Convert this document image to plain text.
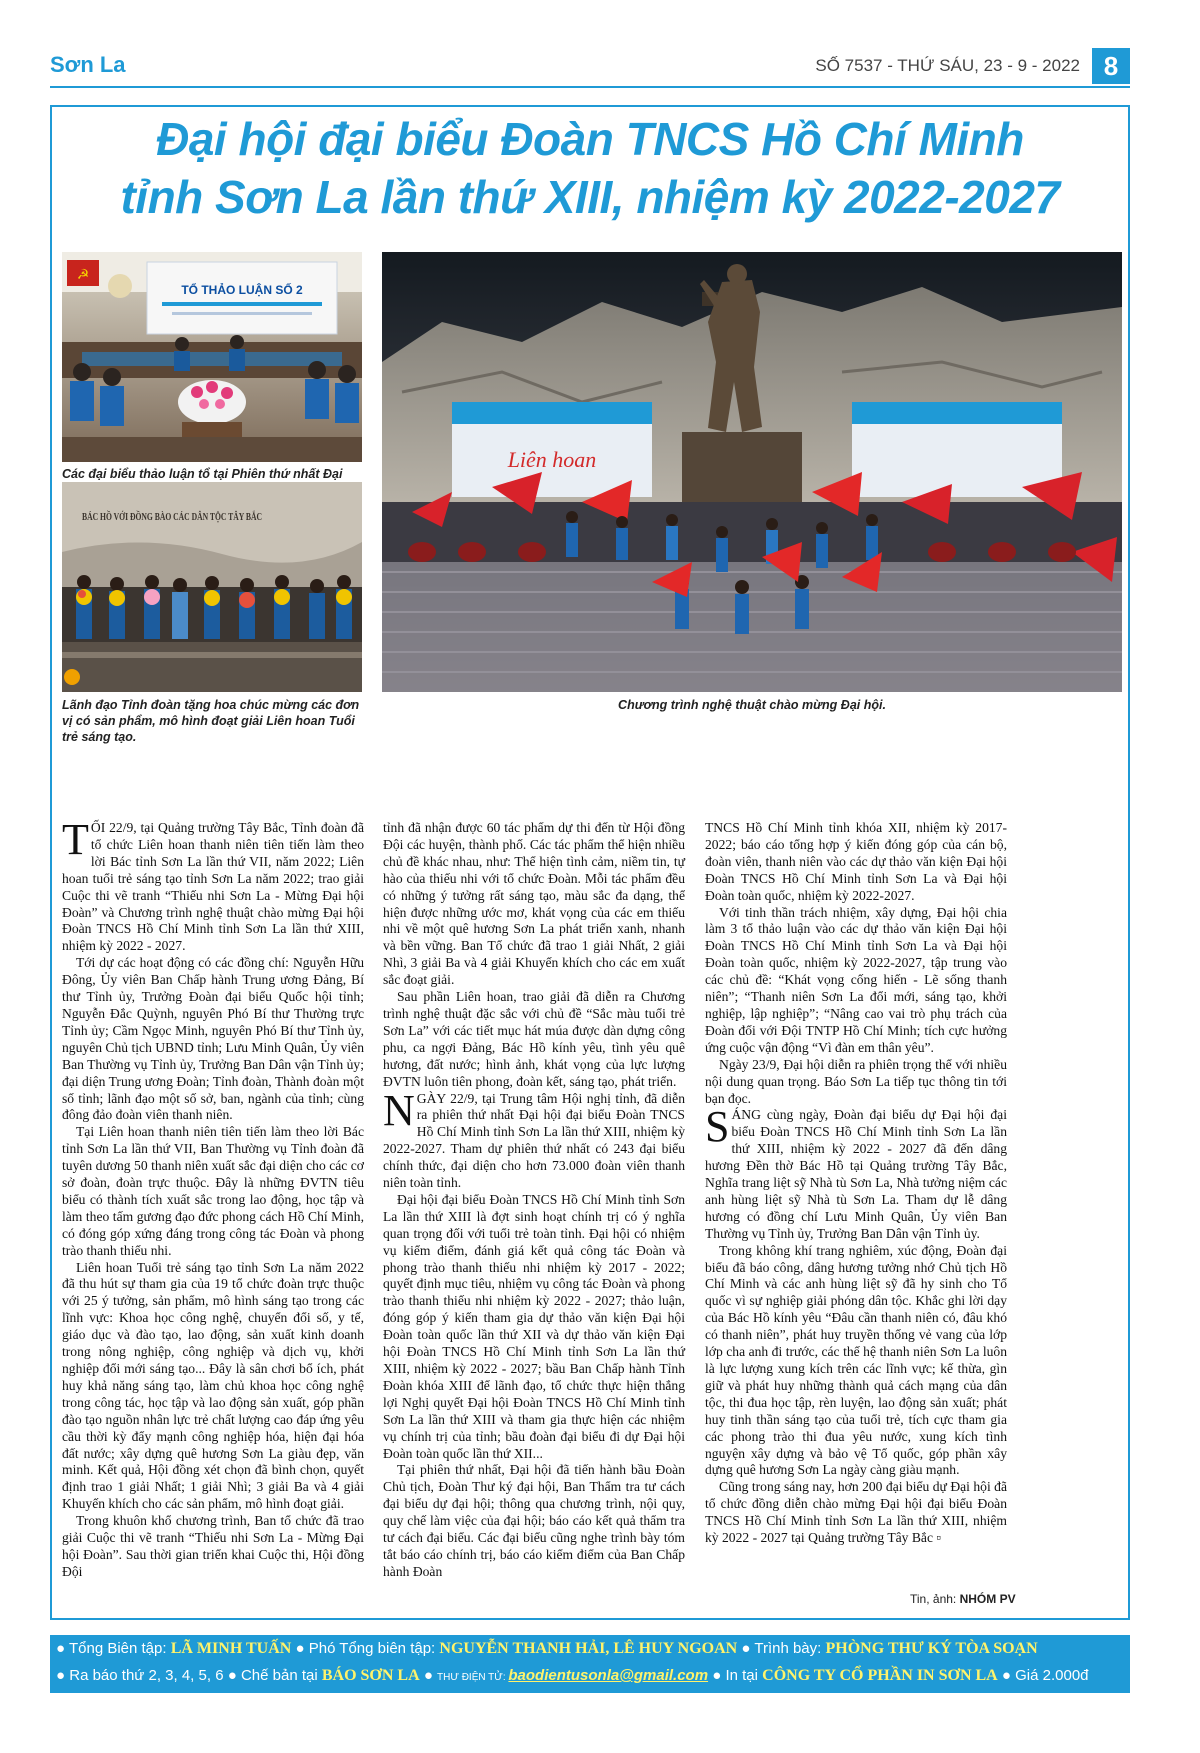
Sơn La	SỐ 7537 - THỨ SÁU, 23 - 9 - 2022 8
Đại hội đại biểu Đoàn TNCS Hồ Chí Minh
tỉnh Sơn La lần thứ XIII, nhiệm kỳ 2022-2027
☭
TỔ THẢO LUẬN SỐ 2
Các đại biểu thảo luận tổ tại Phiên thứ nhất Đại
BÁC HỒ VỚI ĐỒNG BÀO CÁC DÂN TỘC TÂY BẮC
Lãnh đạo Tỉnh đoàn tặng hoa chúc mừng các đơn vị có sản phẩm, mô hình đoạt giải Liên hoan Tuổi trẻ sáng tạo.
Liên hoan
Chương trình nghệ thuật chào mừng Đại hội.

TỐI 22/9, tại Quảng trường Tây Bắc, Tỉnh đoàn đã tổ chức Liên hoan thanh niên tiên tiến làm theo lời Bác tỉnh Sơn La lần thứ VII, năm 2022; Liên hoan tuổi trẻ sáng tạo tỉnh Sơn La năm 2022; trao giải Cuộc thi vẽ tranh “Thiếu nhi Sơn La - Mừng Đại hội Đoàn” và Chương trình nghệ thuật chào mừng Đại hội Đoàn TNCS Hồ Chí Minh tỉnh Sơn La lần thứ XIII, nhiệm kỳ 2022 - 2027.

Tới dự các hoạt động có các đồng chí: Nguyễn Hữu Đông, Ủy viên Ban Chấp hành Trung ương Đảng, Bí thư Tỉnh ủy, Trưởng Đoàn đại biểu Quốc hội tỉnh; Nguyễn Đắc Quỳnh, nguyên Phó Bí thư Thường trực Tỉnh ủy; Cầm Ngọc Minh, nguyên Phó Bí thư Tỉnh ủy, nguyên Chủ tịch UBND tỉnh; Lưu Minh Quân, Ủy viên Ban Thường vụ Tỉnh ủy, Trưởng Ban Dân vận Tỉnh ủy; đại diện Trung ương Đoàn; Tỉnh đoàn, Thành đoàn một số tỉnh; lãnh đạo một số sở, ban, ngành của tỉnh; cùng đông đảo đoàn viên thanh niên.

Tại Liên hoan thanh niên tiên tiến làm theo lời Bác tỉnh Sơn La lần thứ VII, Ban Thường vụ Tỉnh đoàn đã tuyên dương 50 thanh niên xuất sắc đại diện cho các cơ sở đoàn, đoàn trực thuộc. Đây là những ĐVTN tiêu biểu có thành tích xuất sắc trong lao động, học tập và làm theo tấm gương đạo đức phong cách Hồ Chí Minh, có đóng góp xứng đáng trong công tác Đoàn và phong trào thanh thiếu nhi.

Liên hoan Tuổi trẻ sáng tạo tỉnh Sơn La năm 2022 đã thu hút sự tham gia của 19 tổ chức đoàn trực thuộc với 25 ý tưởng, sản phẩm, mô hình sáng tạo trong các lĩnh vực: Khoa học công nghệ, chuyển đổi số, y tế, giáo dục và đào tạo, lao động, sản xuất kinh doanh trong nông nghiệp, công nghiệp và dịch vụ, khởi nghiệp đổi mới sáng tạo... Đây là sân chơi bổ ích, phát huy khả năng sáng tạo, làm chủ khoa học công nghệ trong công tác, học tập và lao động sản xuất, góp phần đào tạo nguồn nhân lực trẻ chất lượng cao đáp ứng yêu cầu thời kỳ đẩy mạnh công nghiệp hóa, hiện đại hóa đất nước; xây dựng quê hương Sơn La giàu đẹp, văn minh. Kết quả, Hội đồng xét chọn đã bình chọn, quyết định trao 1 giải Nhất; 1 giải Nhì; 3 giải Ba và 4 giải Khuyến khích cho các sản phẩm, mô hình đoạt giải.

Trong khuôn khổ chương trình, Ban tổ chức đã trao giải Cuộc thi vẽ tranh “Thiếu nhi Sơn La - Mừng Đại hội Đoàn”. Sau thời gian triển khai Cuộc thi, Hội đồng Đội

tỉnh đã nhận được 60 tác phẩm dự thi đến từ Hội đồng Đội các huyện, thành phố. Các tác phẩm thể hiện nhiều chủ đề khác nhau, như: Thể hiện tình cảm, niềm tin, tự hào của thiếu nhi với tổ chức Đoàn. Mỗi tác phẩm đều có những ý tưởng rất sáng tạo, màu sắc đa dạng, thể hiện được những ước mơ, khát vọng của các em thiếu nhi về một quê hương Sơn La phát triển xanh, nhanh và bền vững. Ban Tổ chức đã trao 1 giải Nhất, 2 giải Nhì, 3 giải Ba và 4 giải Khuyến khích cho các em xuất sắc đoạt giải.

Sau phần Liên hoan, trao giải đã diễn ra Chương trình nghệ thuật đặc sắc với chủ đề “Sắc màu tuổi trẻ Sơn La” với các tiết mục hát múa được dàn dựng công phu, ca ngợi Đảng, Bác Hồ kính yêu, tình yêu quê hương, đất nước; hình ảnh, khát vọng của lực lượng ĐVTN luôn tiên phong, đoàn kết, sáng tạo, phát triển.

NGÀY 22/9, tại Trung tâm Hội nghị tỉnh, đã diễn ra phiên thứ nhất Đại hội đại biểu Đoàn TNCS Hồ Chí Minh tỉnh Sơn La lần thứ XIII, nhiệm kỳ 2022-2027. Tham dự phiên thứ nhất có 243 đại biểu chính thức, đại diện cho hơn 73.000 đoàn viên thanh niên toàn tỉnh.

Đại hội đại biểu Đoàn TNCS Hồ Chí Minh tỉnh Sơn La lần thứ XIII là đợt sinh hoạt chính trị có ý nghĩa quan trọng đối với tuổi trẻ toàn tỉnh. Đại hội có nhiệm vụ kiểm điểm, đánh giá kết quả công tác Đoàn và phong trào thanh thiếu nhi nhiệm kỳ 2017 - 2022; quyết định mục tiêu, nhiệm vụ công tác Đoàn và phong trào thanh thiếu nhi nhiệm kỳ 2022 - 2027; thảo luận, đóng góp ý kiến tham gia dự thảo văn kiện Đại hội Đoàn toàn quốc lần thứ XII và dự thảo văn kiện Đại hội Đoàn TNCS Hồ Chí Minh tỉnh Sơn La lần thứ XIII, nhiệm kỳ 2022 - 2027; bầu Ban Chấp hành Tỉnh Đoàn khóa XIII để lãnh đạo, tổ chức thực hiện thắng lợi Nghị quyết Đại hội Đoàn TNCS Hồ Chí Minh tỉnh Sơn La lần thứ XIII và tham gia thực hiện các nhiệm vụ chính trị của tỉnh; bầu đoàn đại biểu đi dự Đại hội Đoàn toàn quốc lần thứ XII...

Tại phiên thứ nhất, Đại hội đã tiến hành bầu Đoàn Chủ tịch, Đoàn Thư ký đại hội, Ban Thẩm tra tư cách đại biểu dự đại hội; thông qua chương trình, nội quy, quy chế làm việc của đại hội; báo cáo kết quả thẩm tra tư cách đại biểu. Các đại biểu cũng nghe trình bày tóm tắt báo cáo chính trị, báo cáo kiểm điểm của Ban Chấp hành Đoàn

TNCS Hồ Chí Minh tỉnh khóa XII, nhiệm kỳ 2017-2022; báo cáo tổng hợp ý kiến đóng góp của cán bộ, đoàn viên, thanh niên vào các dự thảo văn kiện Đại hội Đoàn TNCS Hồ Chí Minh tỉnh Sơn La và Đại hội Đoàn toàn quốc, nhiệm kỳ 2022-2027.

Với tinh thần trách nhiệm, xây dựng, Đại hội chia làm 3 tổ thảo luận vào các dự thảo văn kiện Đại hội Đoàn TNCS Hồ Chí Minh tỉnh Sơn La và Đại hội Đoàn toàn quốc, nhiệm kỳ 2022-2027, tập trung vào các chủ đề: “Khát vọng cống hiến - Lẽ sống thanh niên”; “Thanh niên Sơn La đổi mới, sáng tạo, khởi nghiệp, lập nghiệp”; “Nâng cao vai trò phụ trách của Đoàn đối với Đội TNTP Hồ Chí Minh; tích cực hưởng ứng cuộc vận động “Vì đàn em thân yêu”.

Ngày 23/9, Đại hội diễn ra phiên trọng thể với nhiều nội dung quan trọng. Báo Sơn La tiếp tục thông tin tới bạn đọc.

SÁNG cùng ngày, Đoàn đại biểu dự Đại hội đại biểu Đoàn TNCS Hồ Chí Minh tỉnh Sơn La lần thứ XIII, nhiệm kỳ 2022 - 2027 đã đến dâng hương Đền thờ Bác Hồ tại Quảng trường Tây Bắc, Nghĩa trang liệt sỹ Nhà tù Sơn La, Nhà tưởng niệm các anh hùng liệt sỹ Nhà tù Sơn La. Tham dự lễ dâng hương có đồng chí Lưu Minh Quân, Ủy viên Ban Thường vụ Tỉnh ủy, Trưởng Ban Dân vận Tỉnh ủy.

Trong không khí trang nghiêm, xúc động, Đoàn đại biểu đã báo công, dâng hương tưởng nhớ Chủ tịch Hồ Chí Minh và các anh hùng liệt sỹ đã hy sinh cho Tổ quốc vì sự nghiệp giải phóng dân tộc. Khắc ghi lời dạy của Bác Hồ kính yêu “Đâu cần thanh niên có, đâu khó có thanh niên”, phát huy truyền thống vẻ vang của lớp lớp cha anh đi trước, các thế hệ thanh niên Sơn La luôn là lực lượng xung kích trên các lĩnh vực; kế thừa, gìn giữ và phát huy những thành quả cách mạng của dân tộc, thi đua học tập, rèn luyện, lao động sản xuất; phát huy tinh thần sáng tạo của tuổi trẻ, tích cực tham gia các phong trào thi đua yêu nước, xung kích tình nguyện xây dựng và bảo vệ Tổ quốc, góp phần xây dựng quê hương Sơn La ngày càng giàu mạnh.

Cũng trong sáng nay, hơn 200 đại biểu dự Đại hội đã tổ chức đồng diễn chào mừng Đại hội đại biểu Đoàn TNCS Hồ Chí Minh tỉnh Sơn La lần thứ XIII, nhiệm kỳ 2022 - 2027 tại Quảng trường Tây Bắc ▫

Tin, ảnh: NHÓM PV
● Tổng Biên tập: LÃ MINH TUẤN ● Phó Tổng biên tập: NGUYỄN THANH HẢI, LÊ HUY NGOAN ● Trình bày: PHÒNG THƯ KÝ TÒA SOẠN
● Ra báo thứ 2, 3, 4, 5, 6 ● Chế bản tại BÁO SƠN LA ● THƯ ĐIỆN TỬ: baodientusonla@gmail.com ● In tại CÔNG TY CỔ PHẦN IN SƠN LA ● Giá 2.000đ
